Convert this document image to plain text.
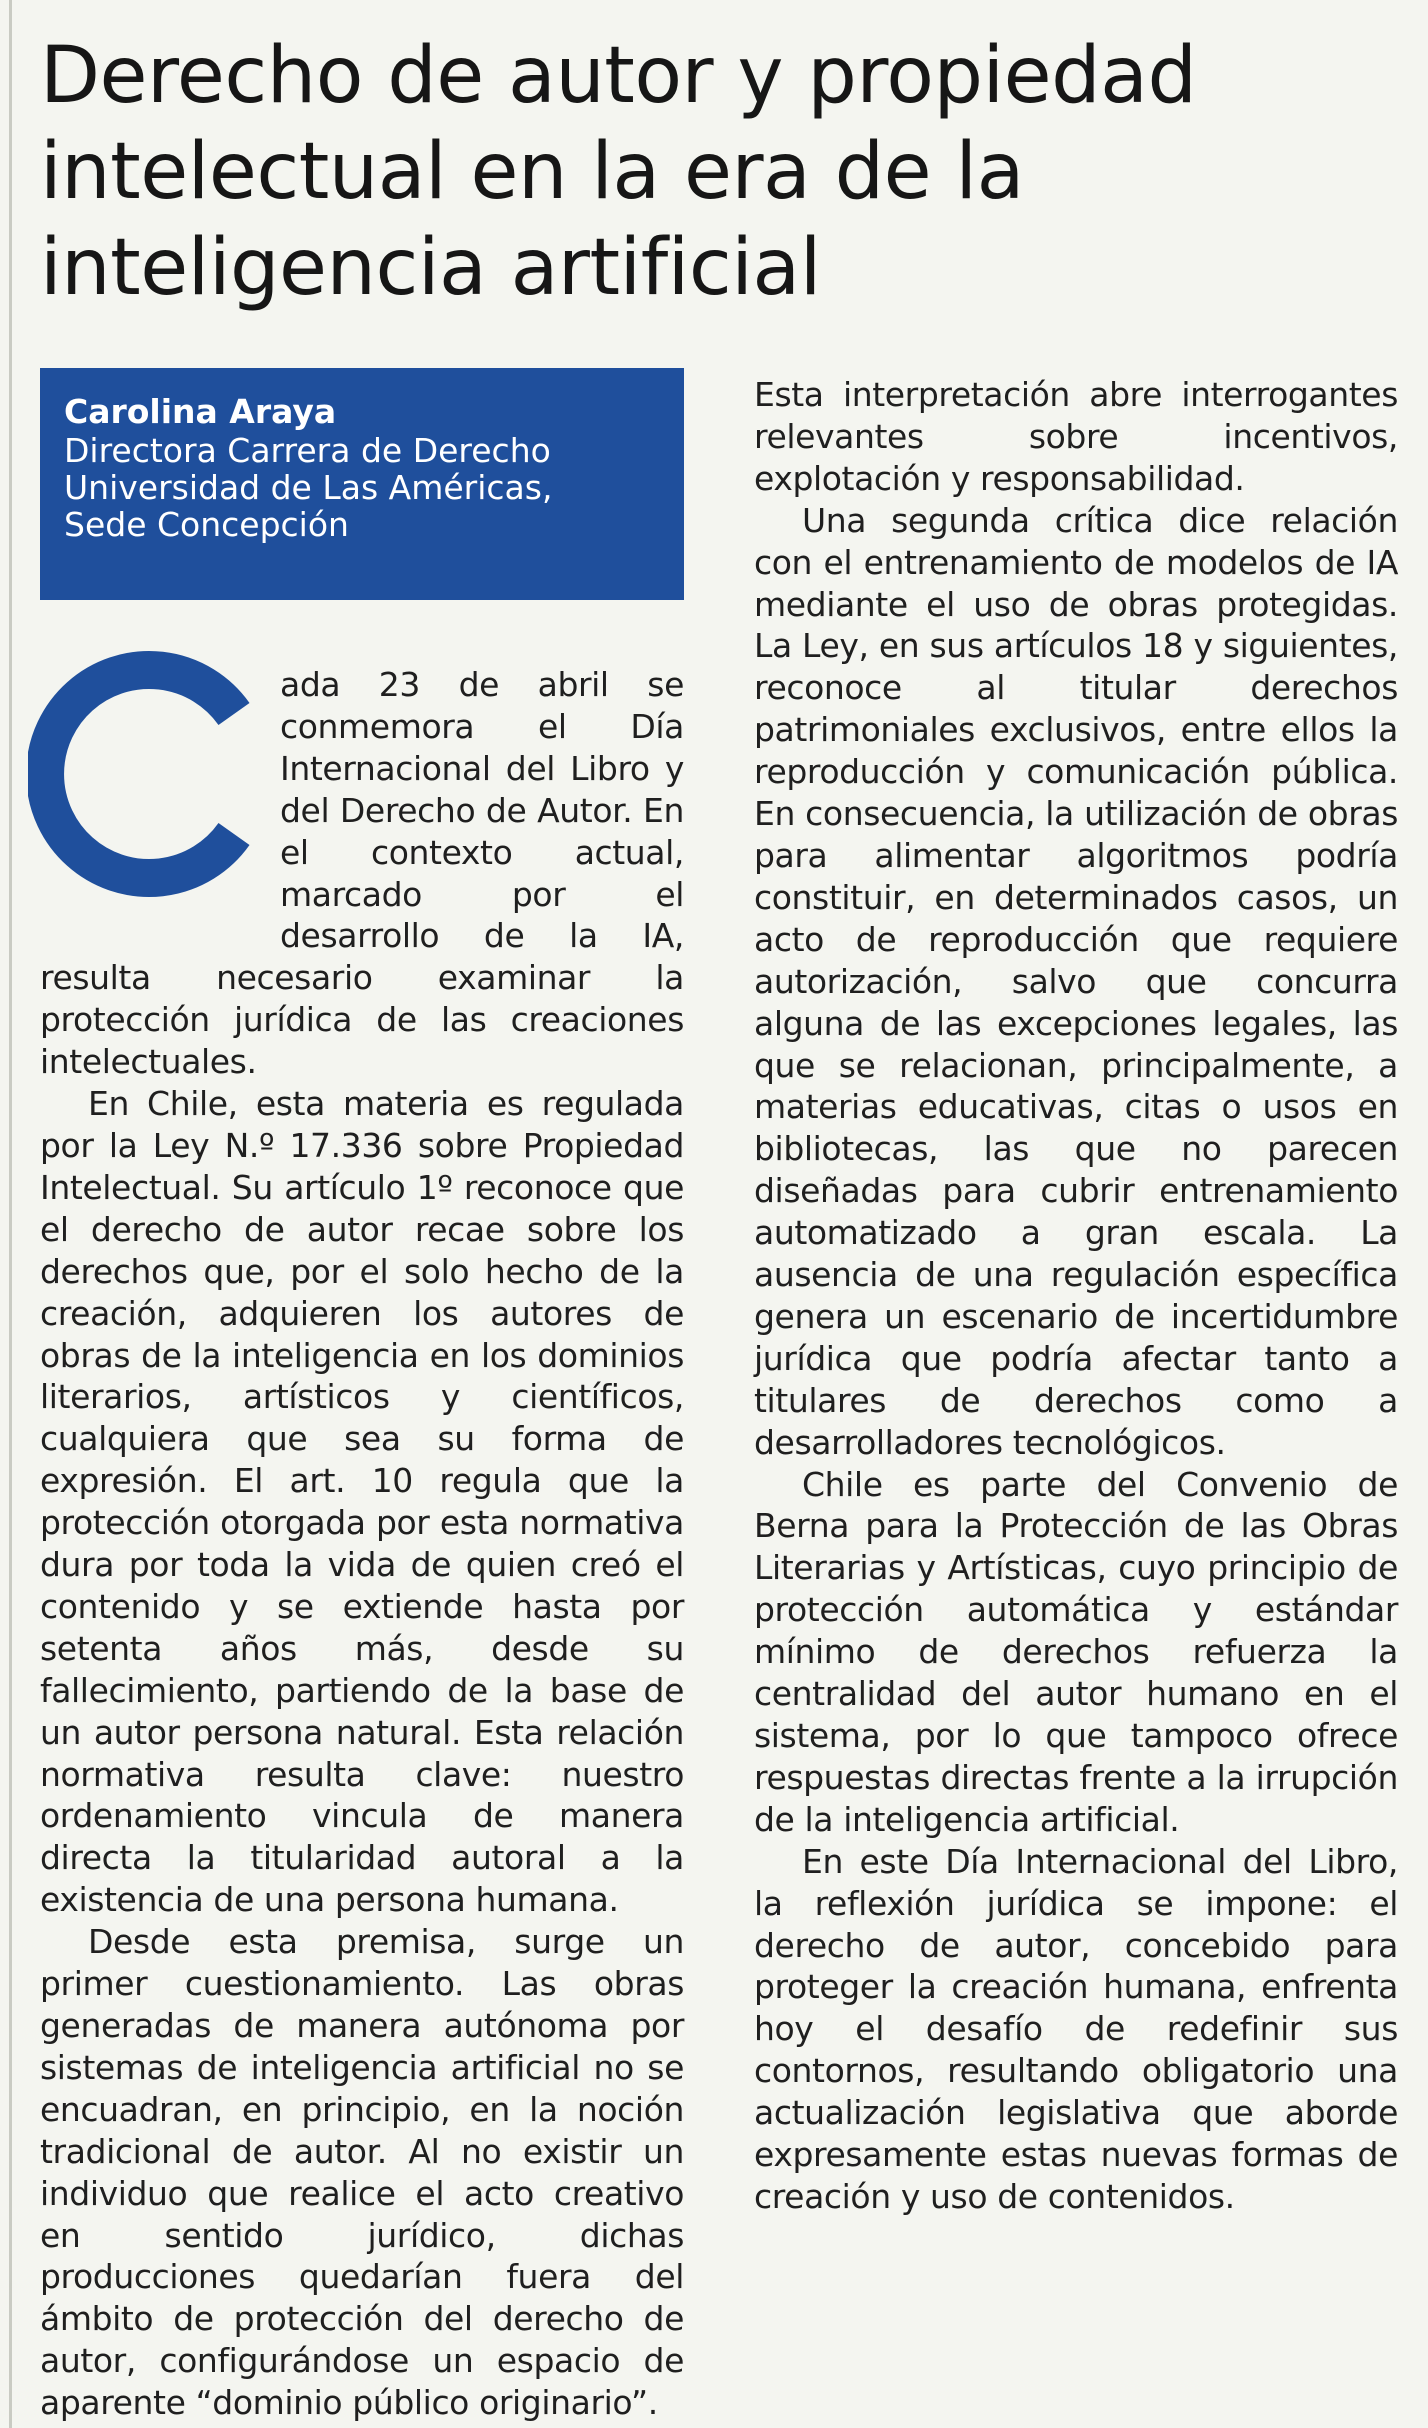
Derecho de autor y propiedad intelectual en la era de la inteligencia artificial

Carolina Araya

Directora Carrera de Derecho

Universidad de Las Américas,

Sede Concepción

ada 23 de abril se conmemora el Día Internacional del Libro y del Derecho de Autor. En el contexto actual, marcado por el desarrollo de la IA, resulta necesario examinar la protección jurídica de las creaciones intelectuales.

En Chile, esta materia es regulada por la Ley N.º 17.336 sobre Propiedad Intelectual. Su artículo 1º reconoce que el derecho de autor recae sobre los derechos que, por el solo hecho de la creación, adquieren los autores de obras de la inteligencia en los dominios literarios, artísticos y científicos, cualquiera que sea su forma de expresión. El art. 10 regula que la protección otorgada por esta normativa dura por toda la vida de quien creó el contenido y se extiende hasta por setenta años más, desde su fallecimiento, partiendo de la base de un autor persona natural. Esta relación normativa resulta clave: nuestro ordenamiento vincula de manera directa la titularidad autoral a la existencia de una persona humana.

Desde esta premisa, surge un primer cuestionamiento. Las obras generadas de manera autónoma por sistemas de inteligencia artificial no se encuadran, en principio, en la noción tradicional de autor. Al no existir un individuo que realice el acto creativo en sentido jurídico, dichas producciones quedarían fuera del ámbito de protección del derecho de autor, configurándose un espacio de aparente “dominio público originario”.

Esta interpretación abre interrogantes relevantes sobre incentivos, explotación y responsabilidad.

Una segunda crítica dice relación con el entrenamiento de modelos de IA mediante el uso de obras protegidas. La Ley, en sus artículos 18 y siguientes, reconoce al titular derechos patrimoniales exclusivos, entre ellos la reproducción y comunicación pública. En consecuencia, la utilización de obras para alimentar algoritmos podría constituir, en determinados casos, un acto de reproducción que requiere autorización, salvo que concurra alguna de las excepciones legales, las que se relacionan, principalmente, a materias educativas, citas o usos en bibliotecas, las que no parecen diseñadas para cubrir entrenamiento automatizado a gran escala. La ausencia de una regulación específica genera un escenario de incertidumbre jurídica que podría afectar tanto a titulares de derechos como a desarrolladores tecnológicos.

Chile es parte del Convenio de Berna para la Protección de las Obras Literarias y Artísticas, cuyo principio de protección automática y estándar mínimo de derechos refuerza la centralidad del autor humano en el sistema, por lo que tampoco ofrece respuestas directas frente a la irrupción de la inteligencia artificial.

En este Día Internacional del Libro, la reflexión jurídica se impone: el derecho de autor, concebido para proteger la creación humana, enfrenta hoy el desafío de redefinir sus contornos, resultando obligatorio una actualización legislativa que aborde expresamente estas nuevas formas de creación y uso de contenidos.
